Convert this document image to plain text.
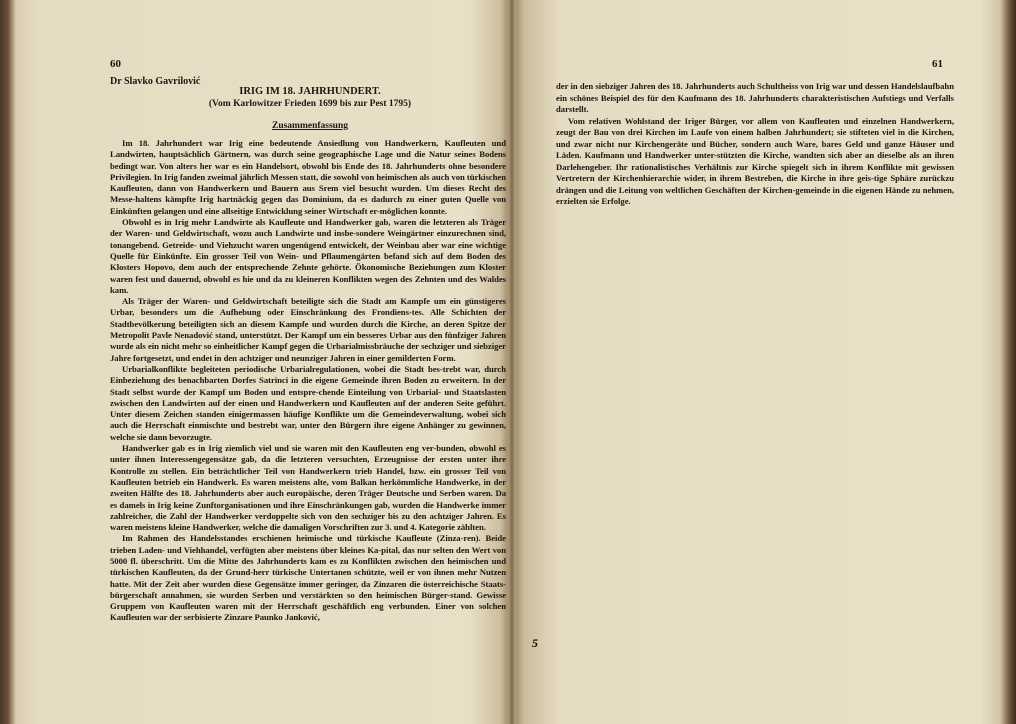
60
Dr Slavko Gavrilović
IRIG IM 18. JAHRHUNDERT.
(Vom Karlowitzer Frieden 1699 bis zur Pest 1795)
Zusammenfassung

Im 18. Jahrhundert war Irig eine bedeutende Ansiedlung von Handwerkern, Kaufleuten und Landwirten, hauptsächlich Gärtnern, was durch seine geographische Lage und die Natur seines Bodens bedingt war. Von alters her war es ein Handelsort, obwohl bis Ende des 18. Jahrhunderts ohne besondere Privilegien. In Irig fanden zweimal jährlich Messen statt, die sowohl von heimischen als auch von türkischen Kaufleuten, dann von Handwerkern und Bauern aus Srem viel besucht wurden. Um dieses Recht des Messe-haltens kämpfte Irig hartnäckig gegen das Dominium, da es dadurch zu einer guten Quelle von Einkünften gelangen und eine allseitige Entwicklung seiner Wirtschaft er-möglichen konnte.

Obwohl es in Irig mehr Landwirte als Kaufleute und Handwerker gab, waren die letzteren als Träger der Waren- und Geldwirtschaft, wozu auch Landwirte und insbe-sondere Weingärtner einzurechnen sind, tonangebend. Getreide- und Viehzucht waren ungenügend entwickelt, der Weinbau aber war eine wichtige Quelle für Einkünfte. Ein grosser Teil von Wein- und Pflaumengärten befand sich auf dem Boden des Klosters Hopovo, dem auch der entsprechende Zehnte gehörte. Ökonomische Beziehungen zum Kloster waren fest und dauernd, obwohl es hie und da zu kleineren Konflikten wegen des Zehnten und des Waldes kam.

Als Träger der Waren- und Geldwirtschaft beteiligte sich die Stadt am Kampfe um ein günstigeres Urbar, besonders um die Aufhebung oder Einschränkung des Frondiens-tes. Alle Schichten der Stadtbevölkerung beteiligten sich an diesem Kampfe und wurden durch die Kirche, an deren Spitze der Metropolit Pavle Nenadović stand, unterstützt. Der Kampf um ein besseres Urbar aus den fünfziger Jahren wurde als ein nicht mehr so einheitlicher Kampf gegen die Urbarialmissbräuche der sechziger und siebziger Jahre fortgesetzt, und endet in den achtziger und neunziger Jahren in einer gemilderten Form.

Urbarialkonflikte begleiteten periodische Urbarialregulationen, wobei die Stadt bes-trebt war, durch Einbeziehung des benachbarten Dorfes Satrinci in die eigene Gemeinde ihren Boden zu erweitern. In der Stadt selbst wurde der Kampf um Boden und entspre-chende Einteilung von Urbarial- und Staatslasten zwischen den Landwirten auf der einen und Handwerkern und Kaufleuten auf der anderen Seite geführt. Unter diesem Zeichen standen einigermassen häufige Konflikte um die Gemeindeverwaltung, wobei sich auch die Herrschaft einmischte und bestrebt war, unter den Bürgern ihre eigene Anhänger zu gewinnen, welche sie dann bevorzugte.

Handwerker gab es in Irig ziemlich viel und sie waren mit den Kaufleuten eng ver-bunden, obwohl es unter ihnen Interessengegensätze gab, da die letzteren versuchten, Erzeugnisse der ersten unter ihre Kontrolle zu stellen. Ein beträchtlicher Teil von Handwerkern trieb Handel, bzw. ein grosser Teil von Kaufleuten betrieb ein Handwerk. Es waren meistens alte, vom Balkan herkömmliche Handwerke, in der zweiten Hälfte des 18. Jahrhunderts aber auch europäische, deren Träger Deutsche und Serben waren. Da es damels in Irig keine Zunftorganisationen und ihre Einschränkungen gab, wurden die Handwerke immer zahlreicher, die Zahl der Handwerker verdoppelte sich von den sechziger bis zu den achtziger Jahren. Es waren meistens kleine Handwerker, welche die damaligen Vorschriften zur 3. und 4. Kategorie zählten.

Im Rahmen des Handelsstandes erschienen heimische und türkische Kaufleute (Zinza-ren). Beide trieben Laden- und Viehhandel, verfügten aber meistens über kleines Ka-pital, das nur selten den Wert von 5000 fl. überschritt. Um die Mitte des Jahrhunderts kam es zu Konflikten zwischen den heimischen und türkischen Kaufleuten, da der Grund-herr türkische Untertanen schützte, weil er von ihnen mehr Nutzen hatte. Mit der Zeit aber wurden diese Gegensätze immer geringer, da Zinzaren die österreichische Staats-bürgerschaft annahmen, sie wurden Serben und verstärkten so den heimischen Bürger-stand. Gewisse Gruppem von Kaufleuten waren mit der Herrschaft geschäftlich eng verbunden. Einer von solchen Kaufleuten war der serbisierte Zinzare Paunko Janković,

5
61

der in den siebziger Jahren des 18. Jahrhunderts auch Schultheiss von Irig war und dessen Handelslaufbahn ein schönes Beispiel des für den Kaufmann des 18. Jahrhunderts charakteristischen Aufstiegs und Verfalls darstellt.

Vom relativen Wohlstand der Iriger Bürger, vor allem von Kaufleuten und einzelnen Handwerkern, zeugt der Bau von drei Kirchen im Laufe von einem halben Jahrhundert; sie stifteten viel in die Kirchen, und zwar nicht nur Kirchengeräte und Bücher, sondern auch Ware, bares Geld und ganze Häuser und Läden. Kaufmann und Handwerker unter-stützten die Kirche, wandten sich aber an dieselbe als an ihren Darlehengeber. Ihr rationalistisches Verhältnis zur Kirche spiegelt sich in ihrem Konflikte mit gewissen Vertretern der Kirchenhierarchie wider, in ihrem Bestreben, die Kirche in ihre geis-tige Sphäre zurückzu drängen und die Leitung von weltlichen Geschäften der Kirchen-gemeinde in die eigenen Hände zu nehmen, erzielten sie Erfolge.
